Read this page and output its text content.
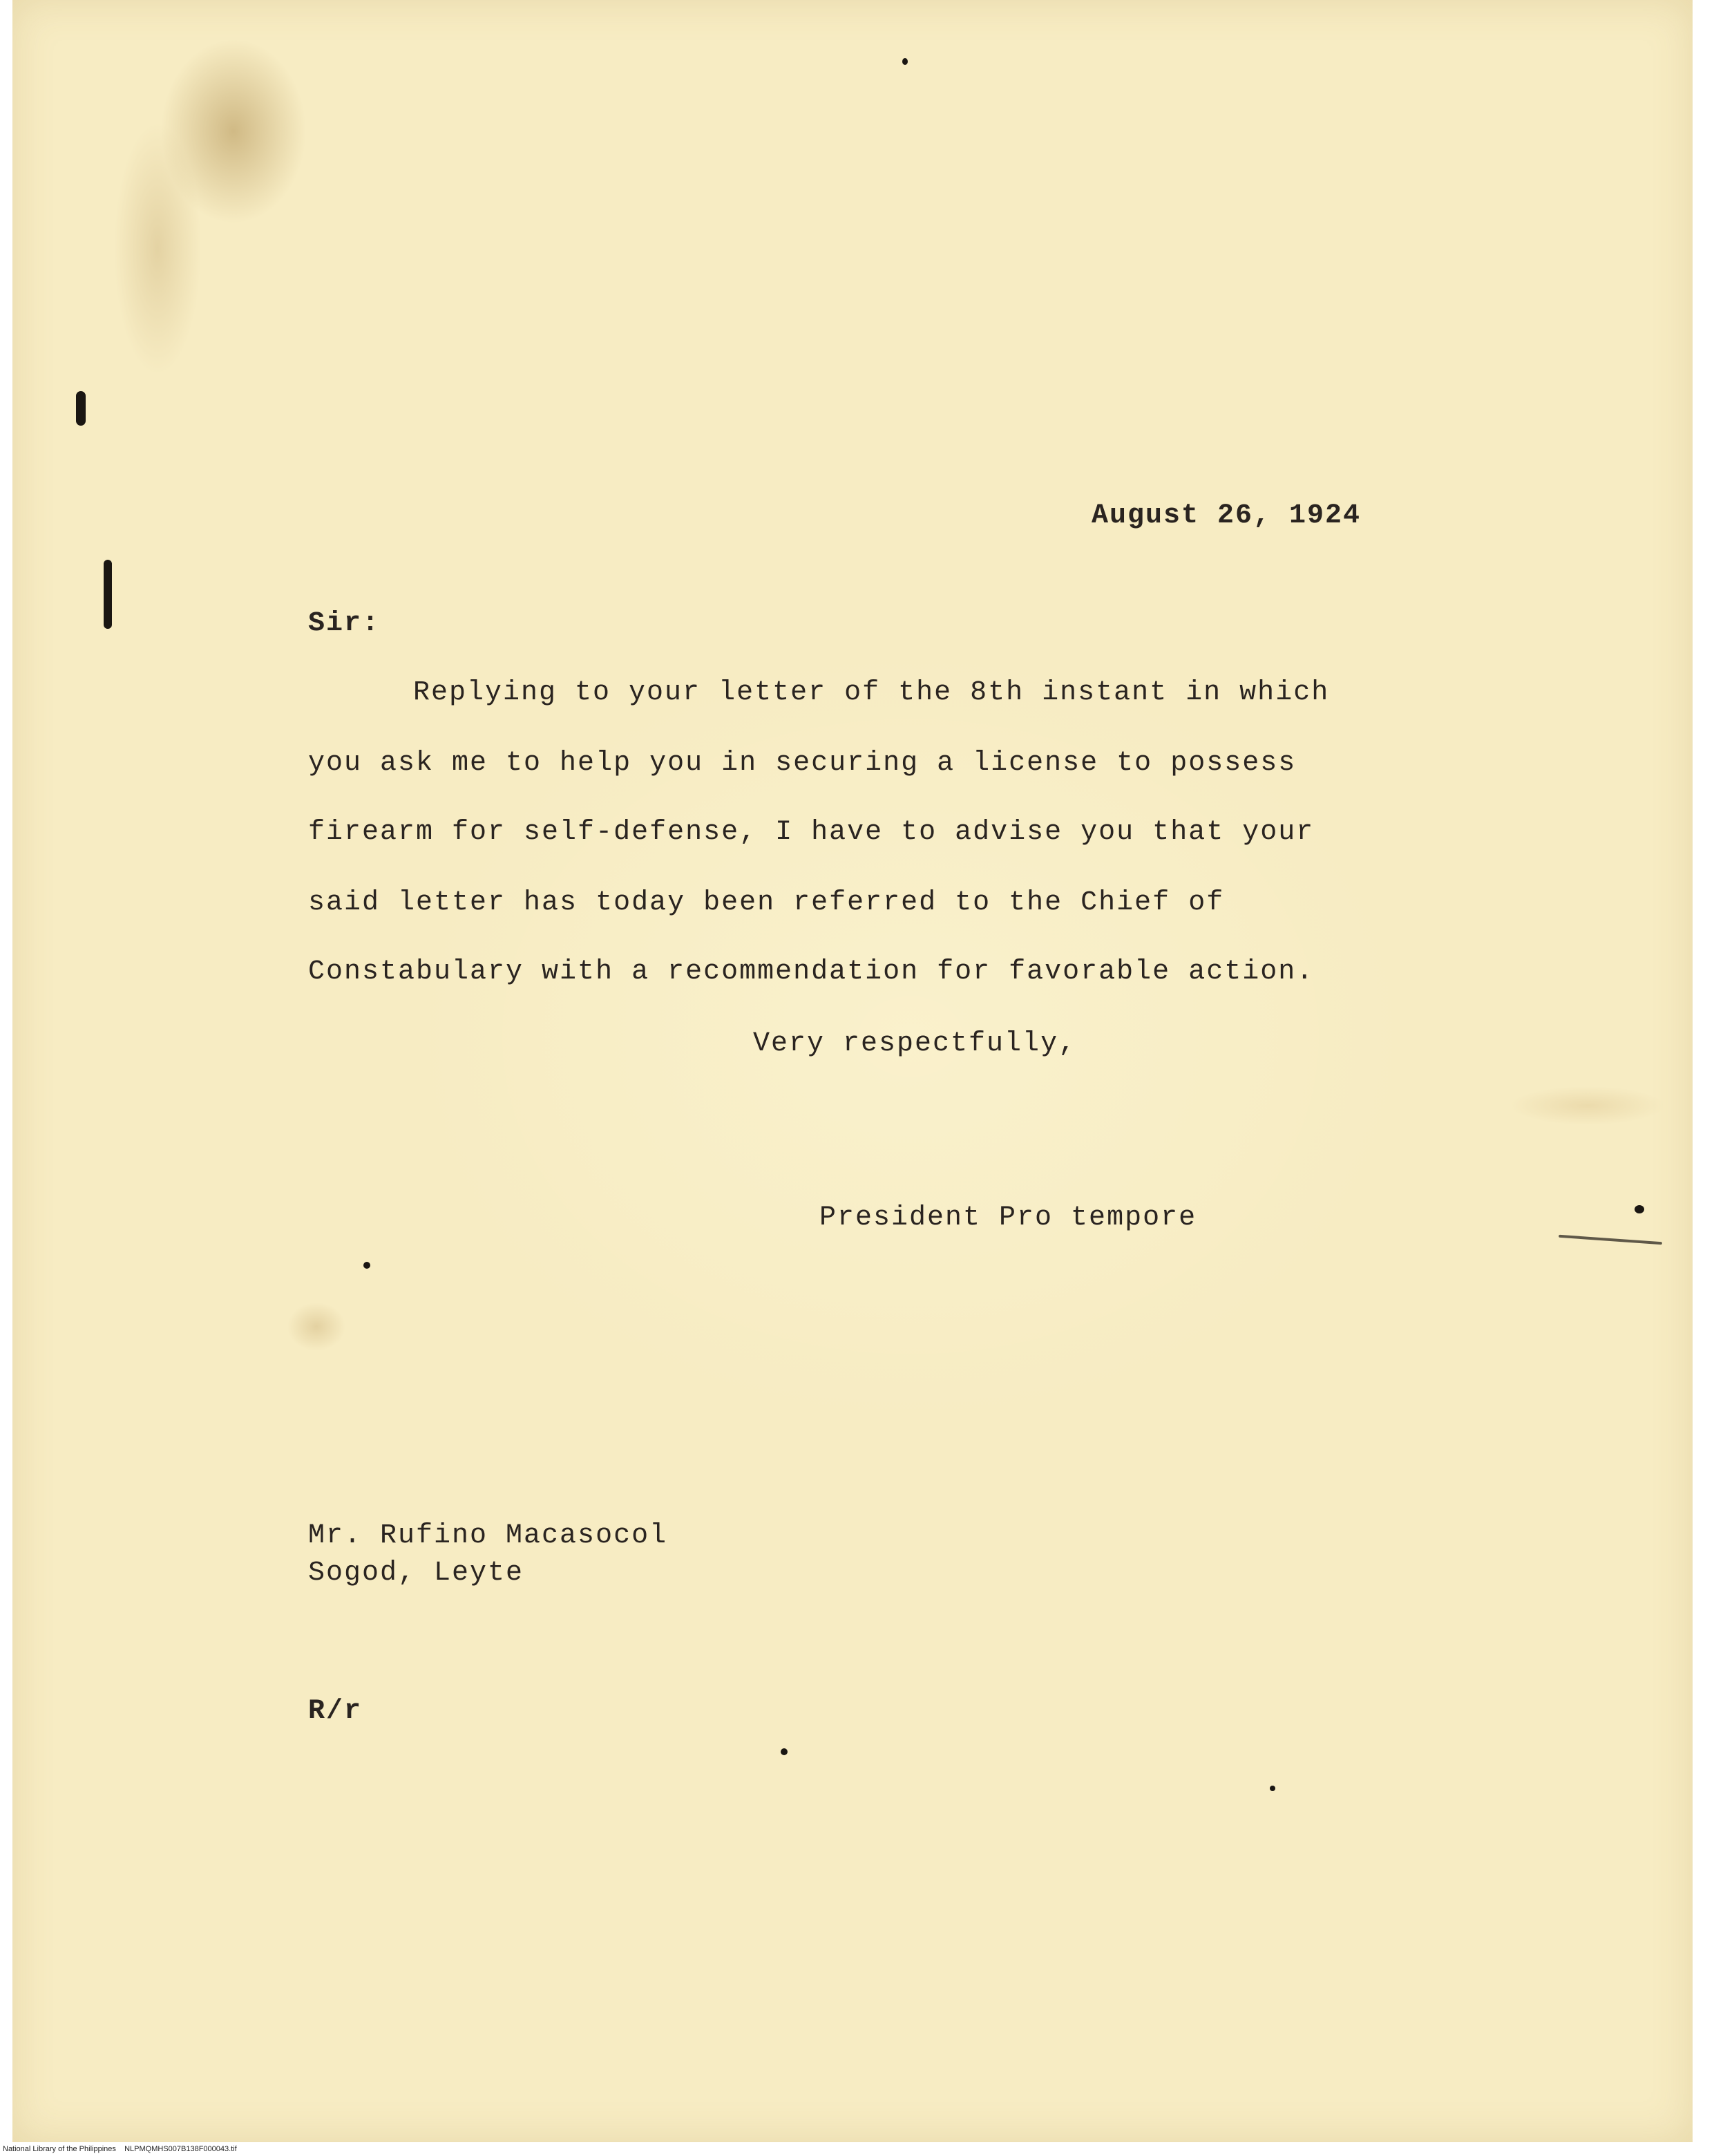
August 26, 1924
Sir:
Replying to your letter of the 8th instant in which
you ask me to help you in securing a license to possess
firearm for self-defense, I have to advise you that your
said letter has today been referred to the Chief of
Constabulary with a recommendation for favorable action.
Very respectfully,
President Pro tempore
Mr. Rufino Macasocol
Sogod, Leyte
R/r
National Library of the Philippines    NLPMQMHS007B138F000043.tif
